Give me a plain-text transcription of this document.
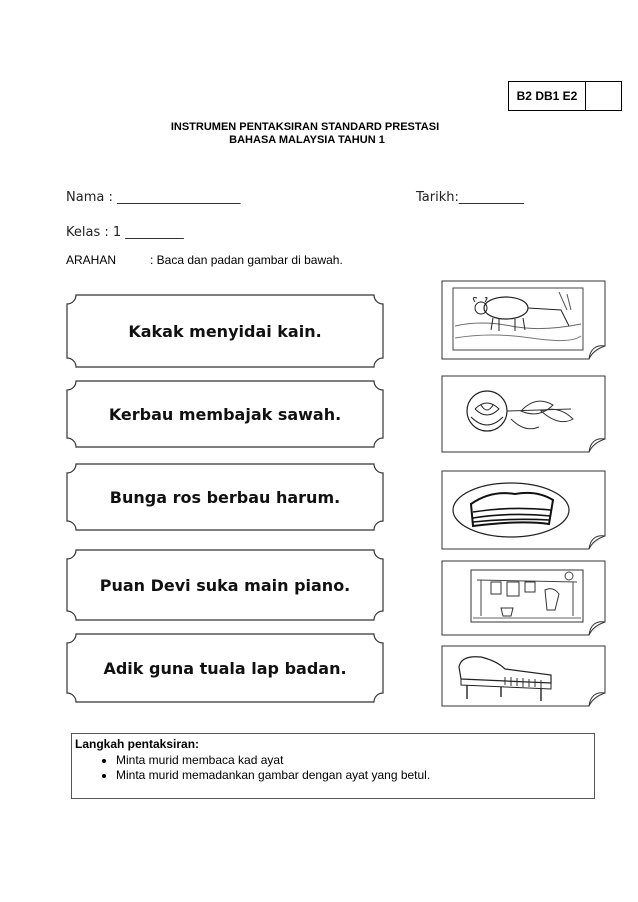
B2 DB1 E2
INSTRUMEN PENTAKSIRAN STANDARD PRESTASI
BAHASA MALAYSIA TAHUN 1
Nama : ___________________	Tarikh:__________
Kelas : 1 _________
ARAHAN	: Baca dan padan gambar di bawah.
Kakak menyidai kain.
Kerbau membajak sawah.
Bunga ros berbau harum.
Puan Devi suka main piano.
Adik guna tuala lap badan.
Langkah pentaksiran:
• Minta murid membaca kad ayat
• Minta murid memadankan gambar dengan ayat yang betul.
